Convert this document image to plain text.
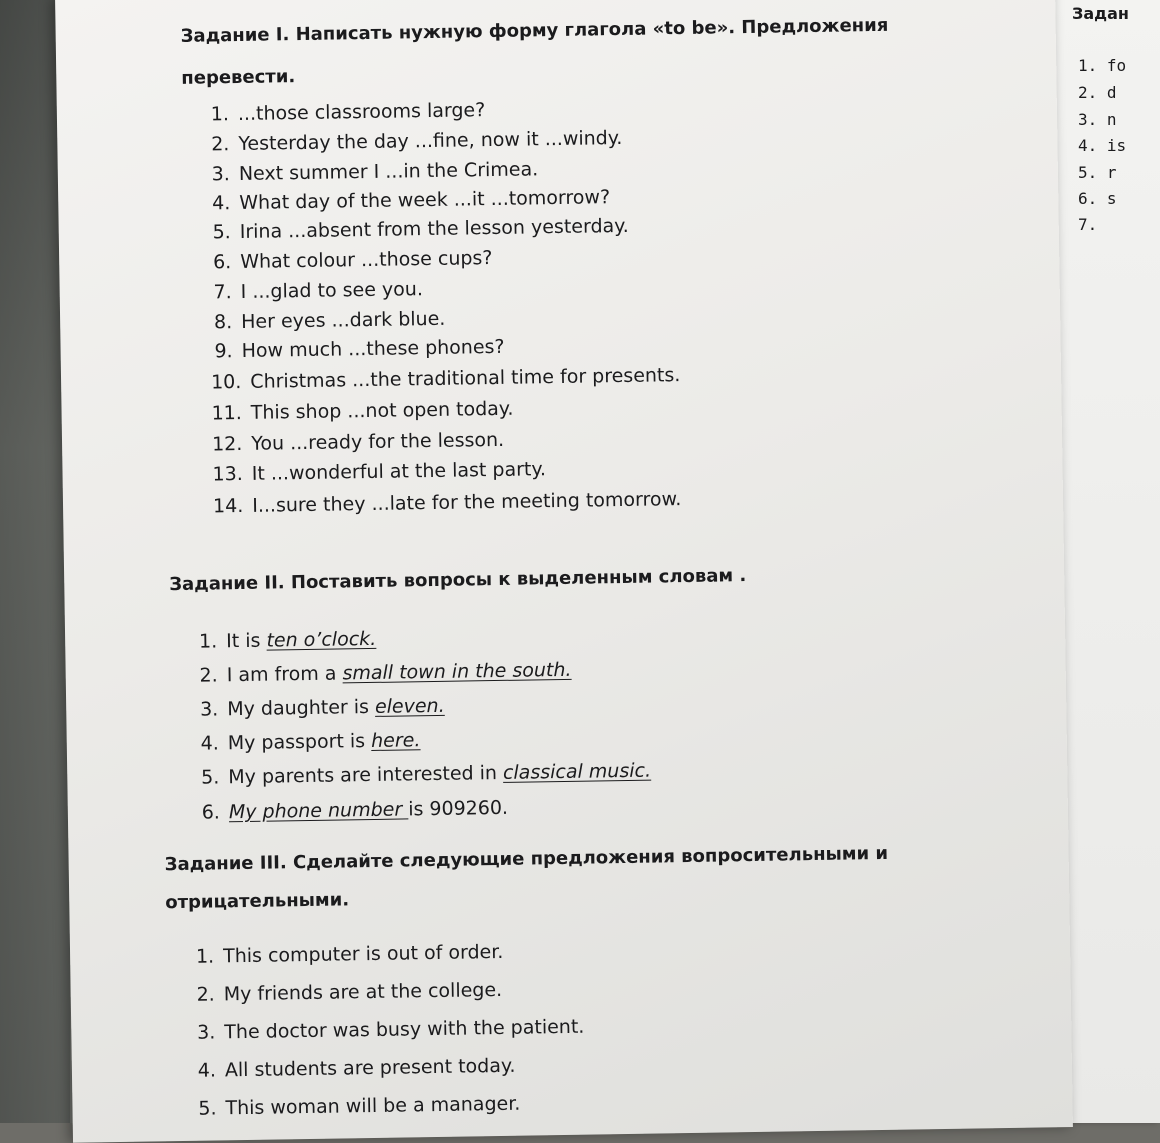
Задан
1. fo
2. d
3. n
4. is
5. r
6. s
7.
Задание I. Написать нужную форму глагола «to be». Предложения
перевести.
1. ...those classrooms large?
2. Yesterday the day ...fine, now it ...windy.
3. Next summer I ...in the Crimea.
4. What day of the week ...it ...tomorrow?
5. Irina ...absent from the lesson yesterday.
6. What colour ...those cups?
7. I ...glad to see you.
8. Her eyes ...dark blue.
9. How much ...these phones?
10. Christmas ...the traditional time for presents.
11. This shop ...not open today.
12. You ...ready for the lesson.
13. It ...wonderful at the last party.
14. I...sure they ...late for the meeting tomorrow.
Задание II. Поставить вопросы к выделенным словам .
1. It is ten o’clock.
2. I am from a small town in the south.
3. My daughter is eleven.
4. My passport is here.
5. My parents are interested in classical music.
6. My phone number is 909260.
Задание III. Сделайте следующие предложения вопросительными и
отрицательными.
1. This computer is out of order.
2. My friends are at the college.
3. The doctor was busy with the patient.
4. All students are present today.
5. This woman will be a manager.
